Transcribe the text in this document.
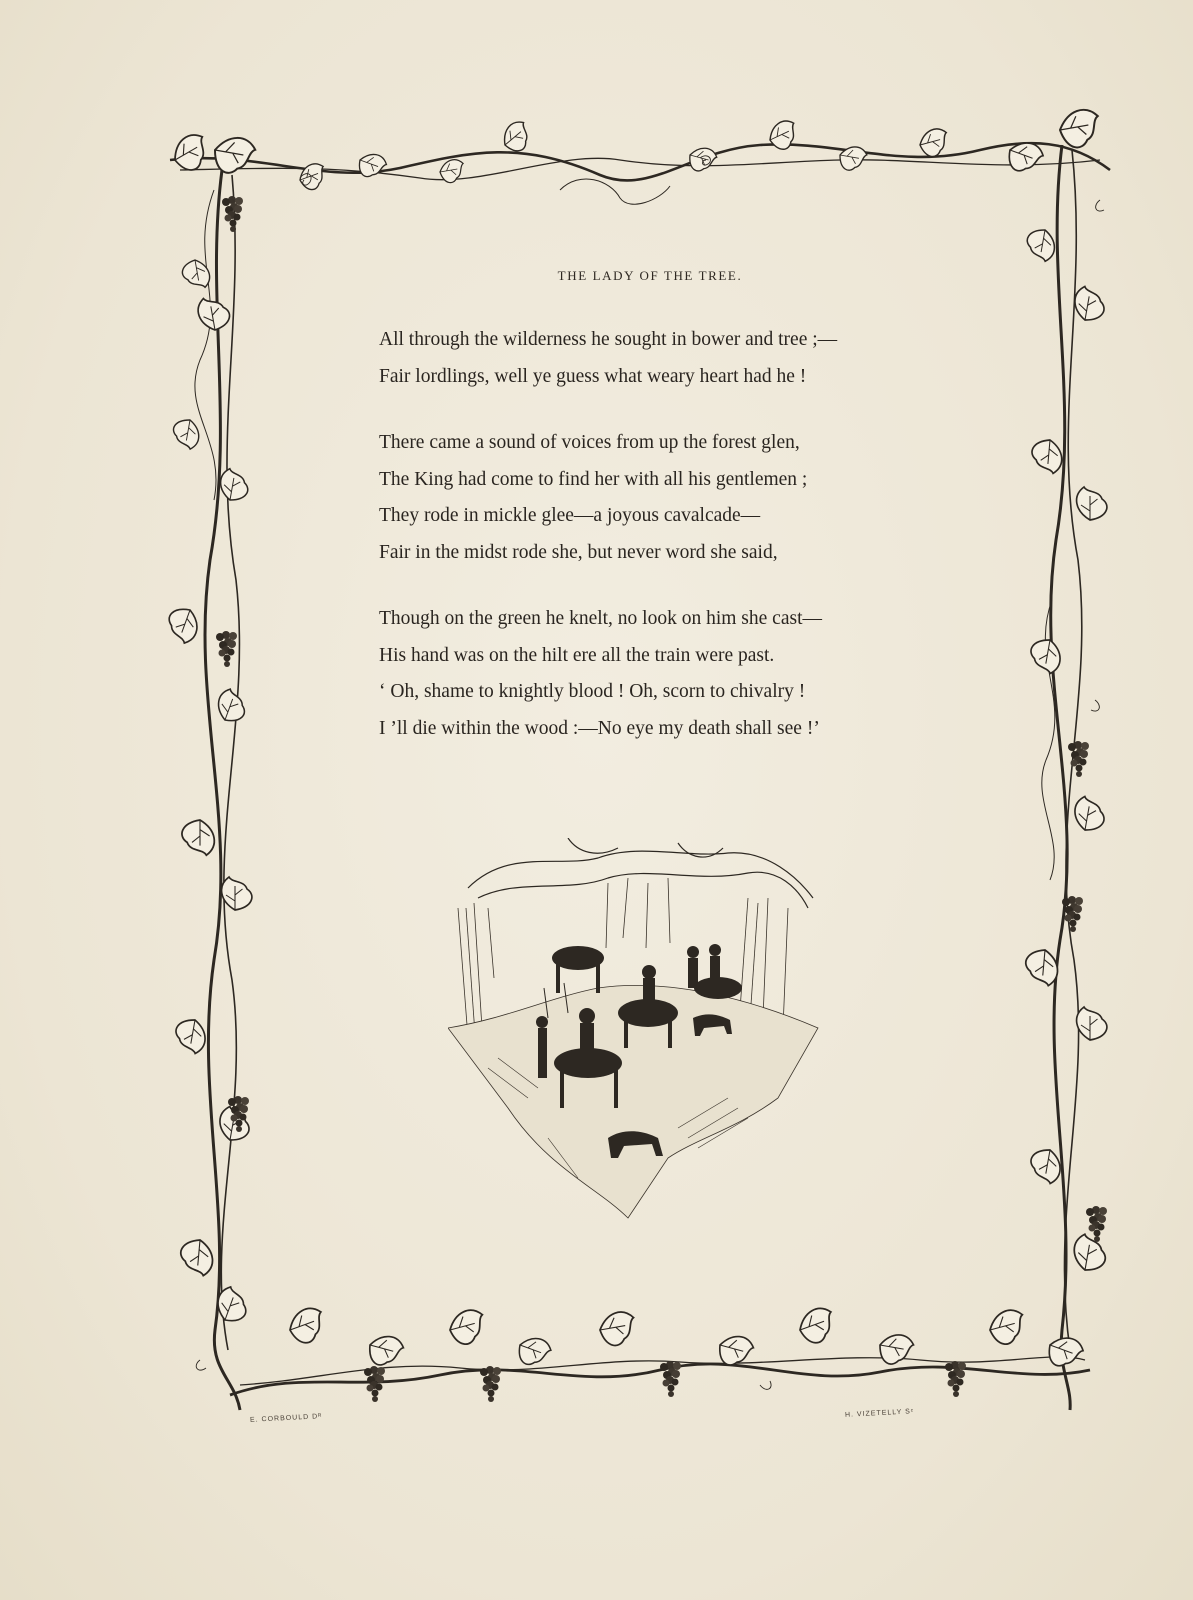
THE LADY OF THE TREE.
All through the wilderness he sought in bower and tree ;—
Fair lordlings, well ye guess what weary heart had he !
There came a sound of voices from up the forest glen,
The King had come to find her with all his gentlemen ;
They rode in mickle glee—a joyous cavalcade—
Fair in the midst rode she, but never word she said,
Though on the green he knelt, no look on him she cast—
His hand was on the hilt ere all the train were past.
‘ Oh, shame to knightly blood ! Oh, scorn to chivalry !
I ’ll die within the wood :—No eye my death shall see !’
E. CORBOULD Dᴿ	H. VIZETELLY Sᶜ
